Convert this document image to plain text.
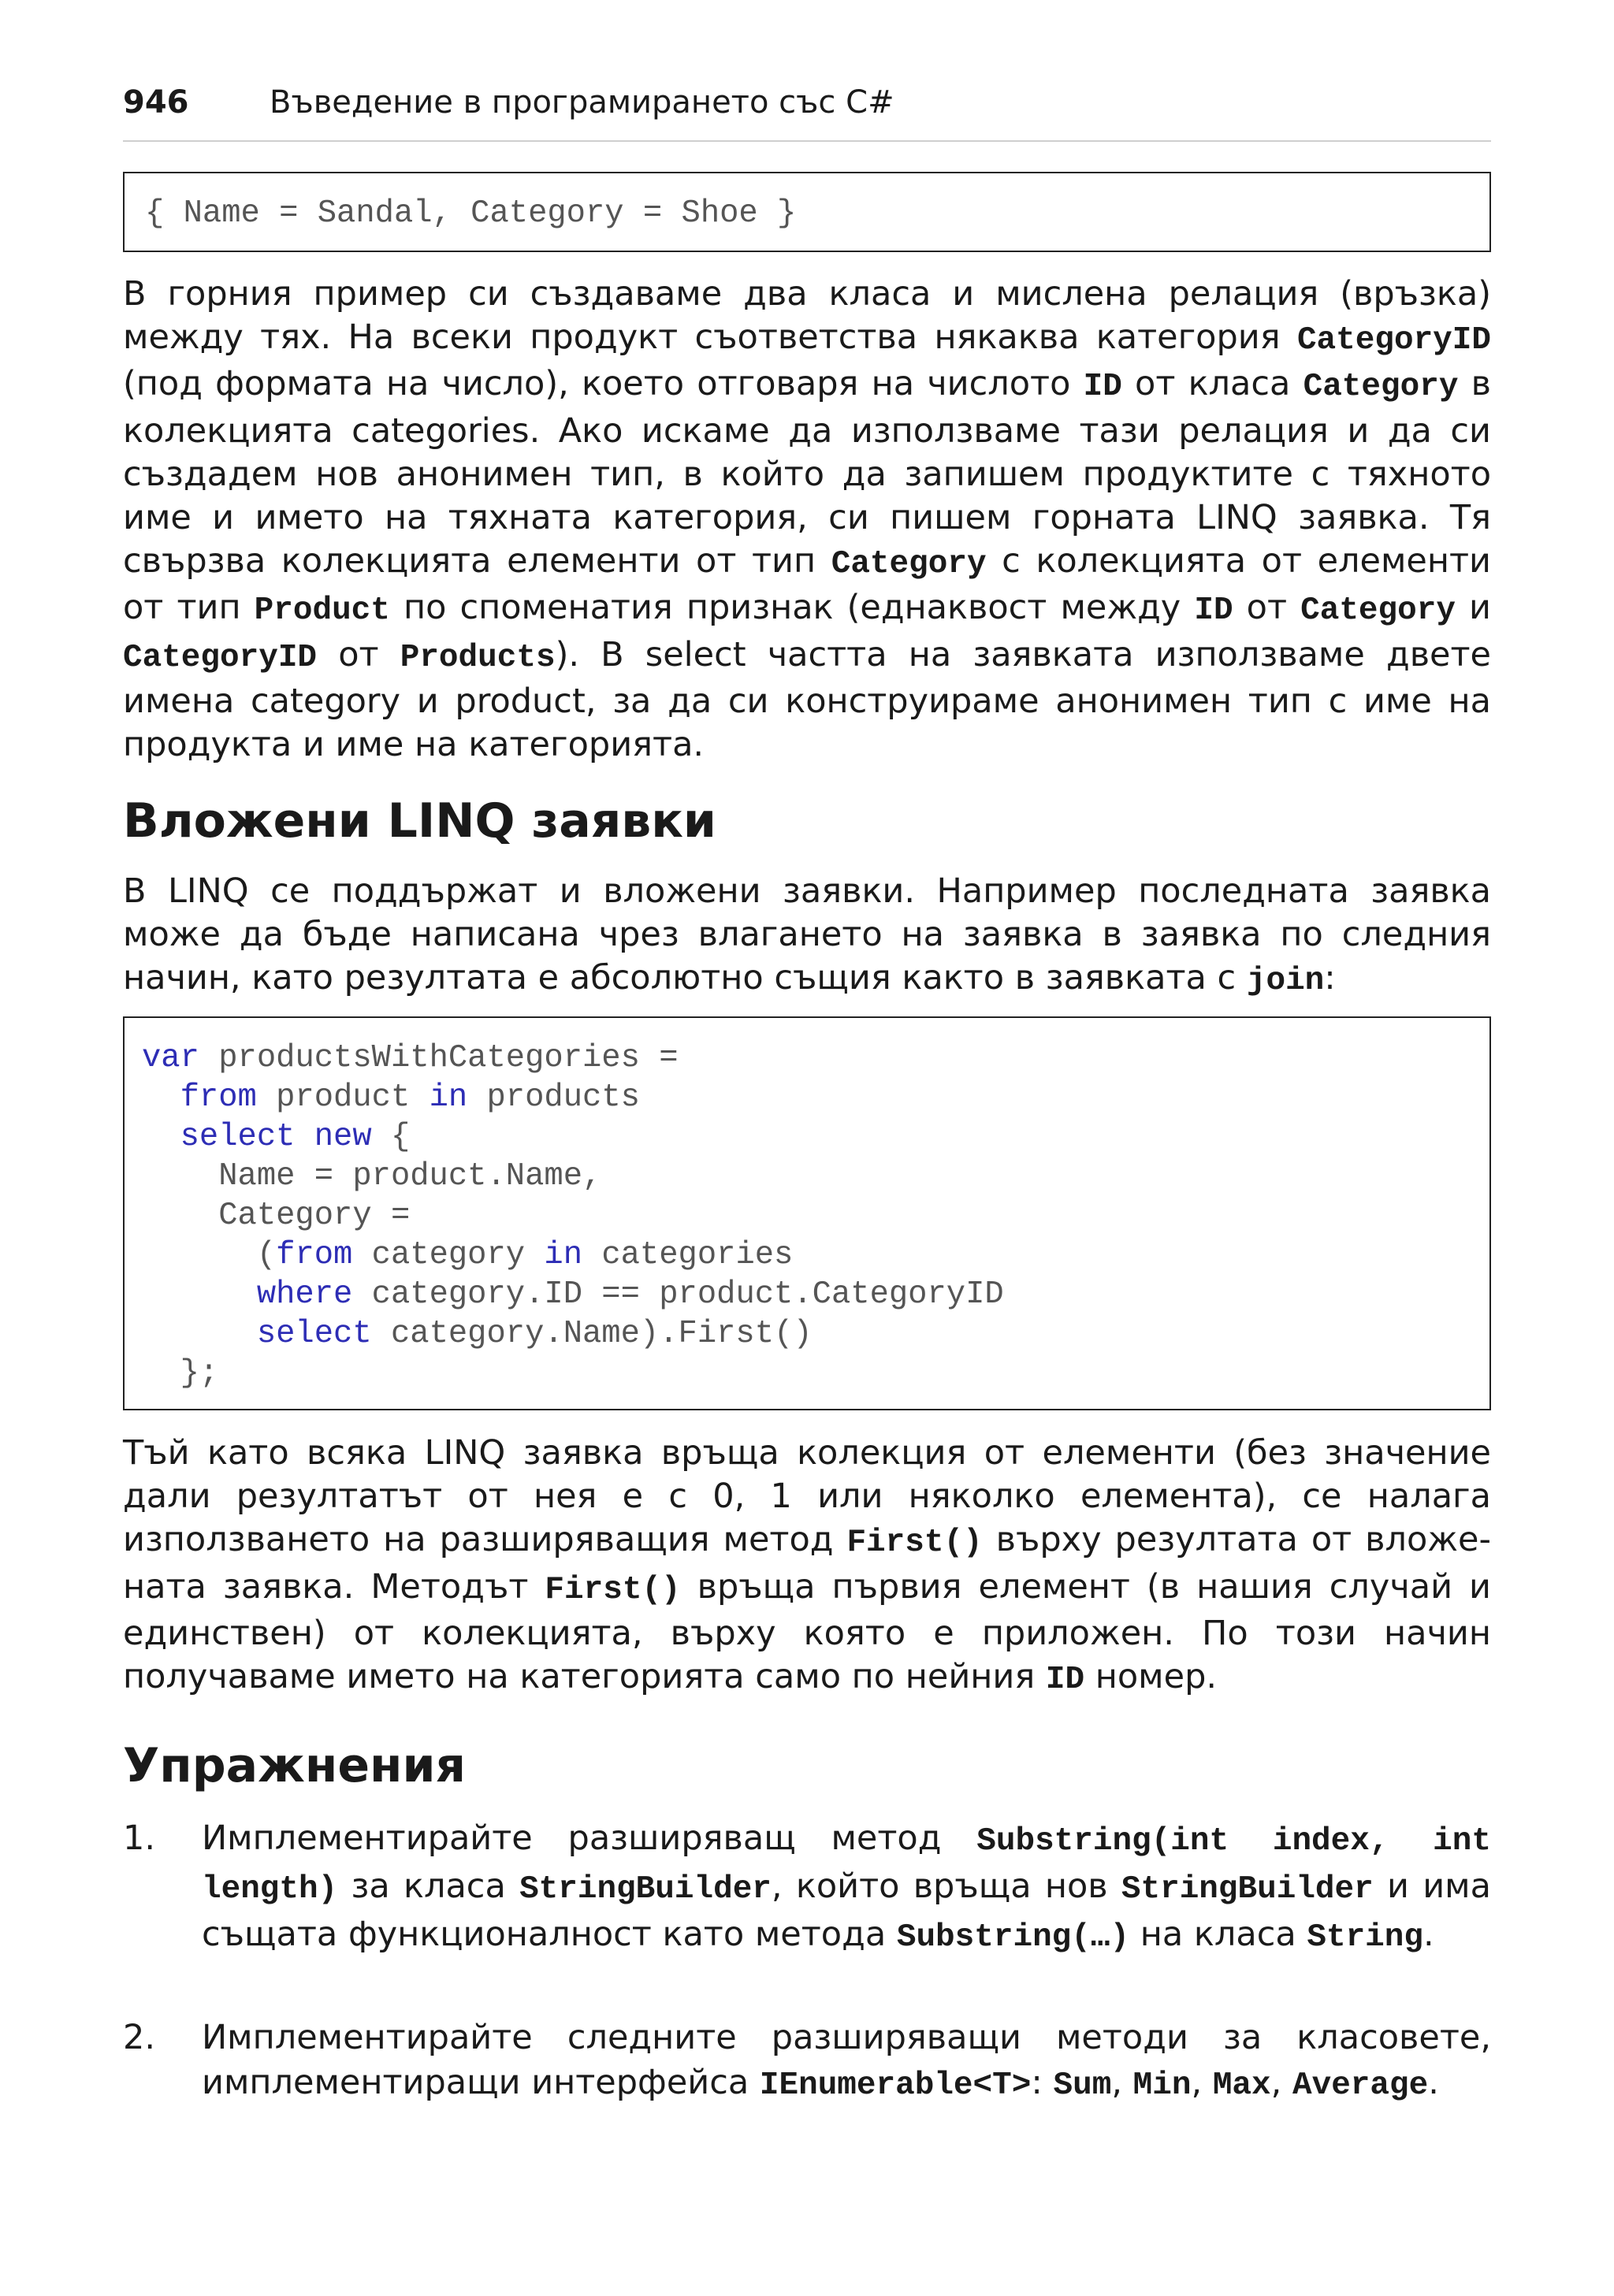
946	Въведение в програмирането със C#
{ Name = Sandal, Category = Shoe }

В горния пример си създаваме два класа и мислена релация (връзка) между тях. На всеки продукт съответства някаква категория CategoryID (под формата на число), което отговаря на числото ID от класа Category в колекцията categories. Ако искаме да използваме тази релация и да си създадем нов анонимен тип, в който да запишем продуктите с тяхното име и името на тяхната категория, си пишем горната LINQ заявка. Тя свързва колекцията елементи от тип Category с колекцията от елементи от тип Product по споменатия признак (еднаквост между ID от Category и CategoryID от Products). В select частта на заявката използваме двете имена category и product, за да си конструираме анонимен тип с име на продукта и име на категорията.

Вложени LINQ заявки

В LINQ се поддържат и вложени заявки. Например последната заявка може да бъде написана чрез влагането на заявка в заявка по следния начин, като резултата е абсолютно същия както в заявката с join:

var productsWithCategories =
from product in products
select new {
Name = product.Name,
Category =
(from category in categories
where category.ID == product.CategoryID
select category.Name).First()
};

Тъй като всяка LINQ заявка връща колекция от елементи (без значение дали резултатът от нея е с 0, 1 или няколко елемента), се налага използването на разширяващия метод First() върху резултата от вложе-ната заявка. Методът First() връща първия елемент (в нашия случай и единствен) от колекцията, върху която е приложен. По този начин получаваме името на категорията само по нейния ID номер.

Упражнения
1. Имплементирайте разширяващ метод Substring(int index, int length) за класа StringBuilder, който връща нов StringBuilder и има същата функционалност като метода Substring(…) на класа String.
2. Имплементирайте следните разширяващи методи за класовете, имплементиращи интерфейса IEnumerable<T>: Sum, Min, Max, Average.
